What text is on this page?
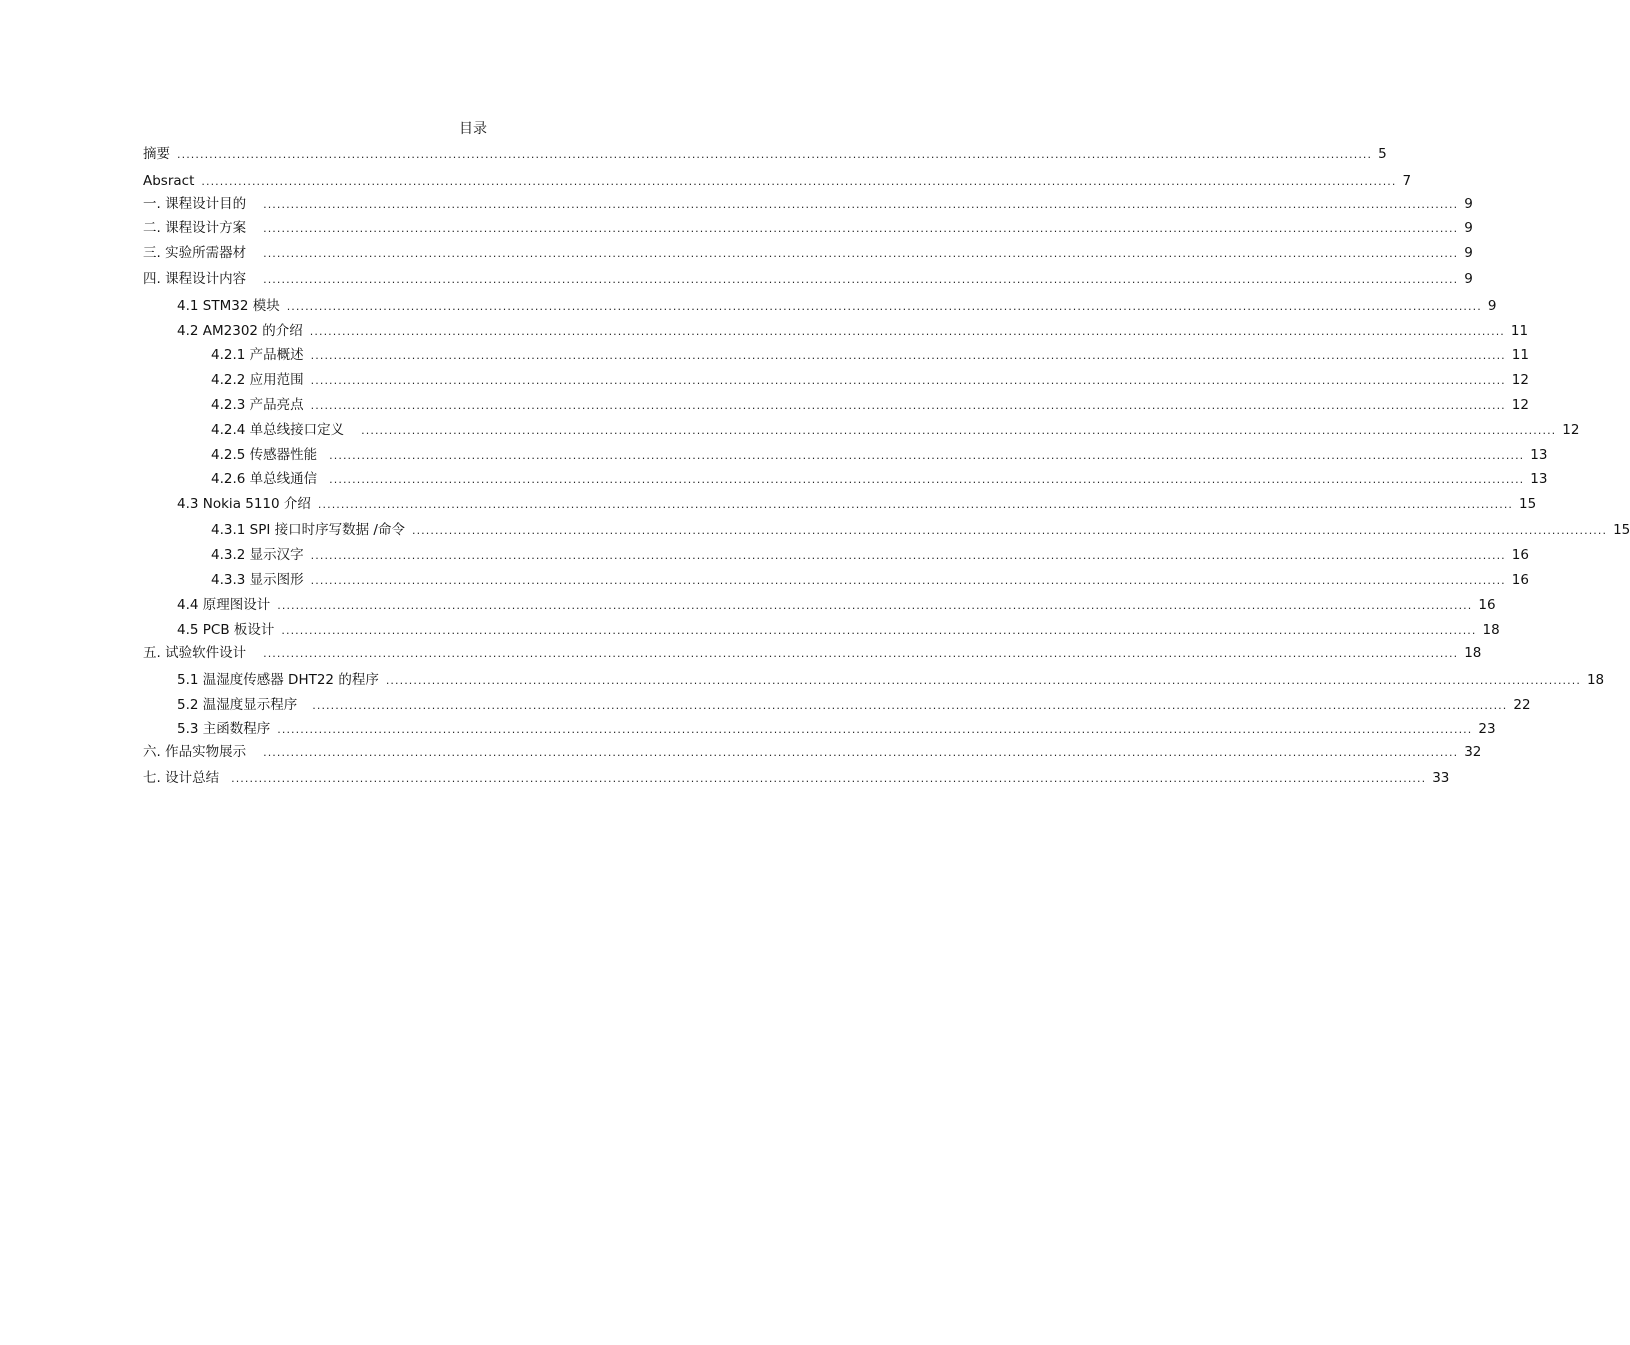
目录
摘要 .................................................................................................................................................................................................................................................................... 5
Absract .................................................................................................................................................................................................................................................................... 7
一. 课程设计目的 .................................................................................................................................................................................................................................................................... 9
二. 课程设计方案 .................................................................................................................................................................................................................................................................... 9
三. 实验所需器材 .................................................................................................................................................................................................................................................................... 9
四. 课程设计内容 .................................................................................................................................................................................................................................................................... 9
4.1 STM32 模块 .................................................................................................................................................................................................................................................................... 9
4.2 AM2302 的介绍 .................................................................................................................................................................................................................................................................... 11
4.2.1 产品概述 .................................................................................................................................................................................................................................................................... 11
4.2.2 应用范围 .................................................................................................................................................................................................................................................................... 12
4.2.3 产品亮点 .................................................................................................................................................................................................................................................................... 12
4.2.4 单总线接口定义 .................................................................................................................................................................................................................................................................... 12
4.2.5 传感器性能 .................................................................................................................................................................................................................................................................... 13
4.2.6 单总线通信 .................................................................................................................................................................................................................................................................... 13
4.3 Nokia 5110 介绍 .................................................................................................................................................................................................................................................................... 15
4.3.1 SPI 接口时序写数据 /命令 .................................................................................................................................................................................................................................................................... 15
4.3.2 显示汉字 .................................................................................................................................................................................................................................................................... 16
4.3.3 显示图形 .................................................................................................................................................................................................................................................................... 16
4.4 原理图设计 .................................................................................................................................................................................................................................................................... 16
4.5 PCB 板设计 .................................................................................................................................................................................................................................................................... 18
五. 试验软件设计 .................................................................................................................................................................................................................................................................... 18
5.1 温湿度传感器 DHT22 的程序 .................................................................................................................................................................................................................................................................... 18
5.2 温湿度显示程序 .................................................................................................................................................................................................................................................................... 22
5.3 主函数程序 .................................................................................................................................................................................................................................................................... 23
六. 作品实物展示 .................................................................................................................................................................................................................................................................... 32
七. 设计总结 .................................................................................................................................................................................................................................................................... 33
